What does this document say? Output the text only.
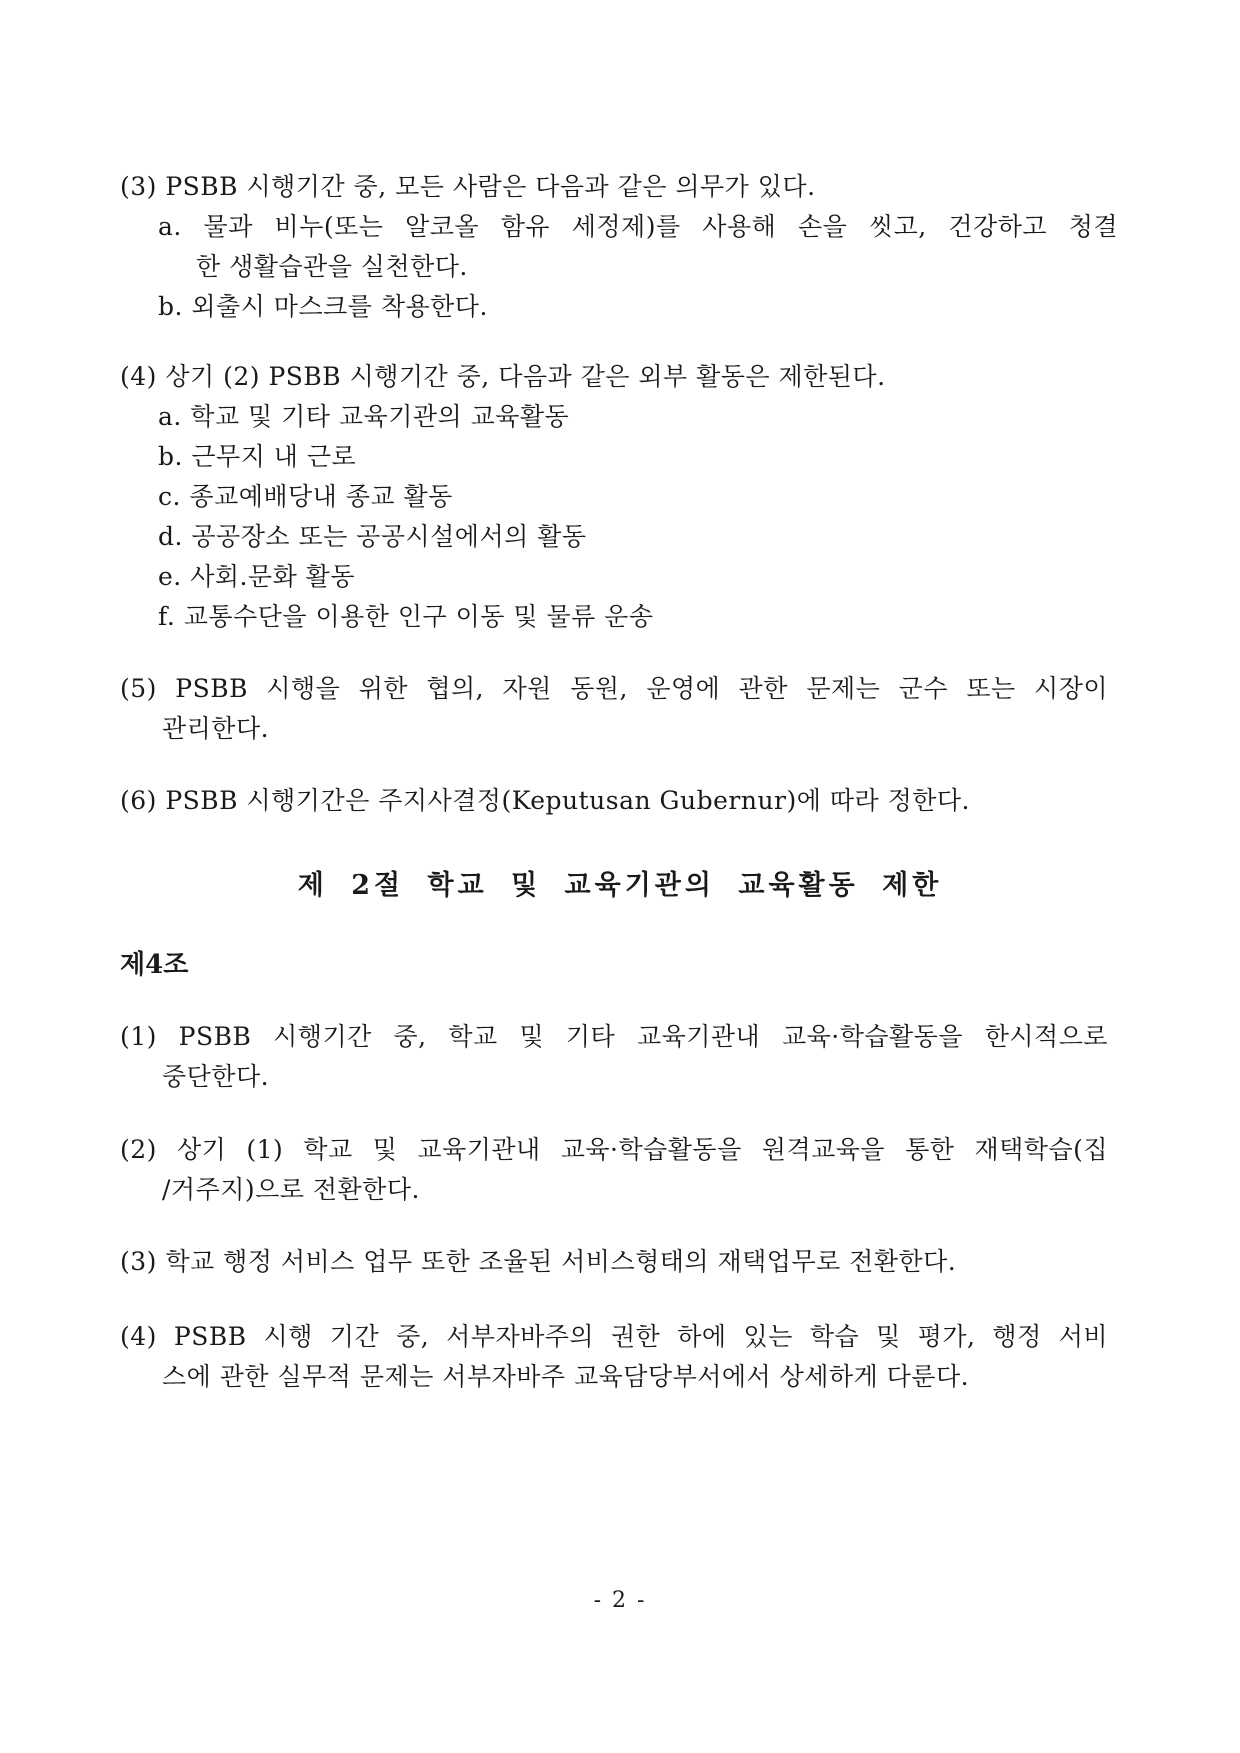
(3) PSBB 시행기간 중, 모든 사람은 다음과 같은 의무가 있다.
a. 물과 비누(또는 알코올 함유 세정제)를 사용해 손을 씻고, 건강하고 청결
한 생활습관을 실천한다.
b. 외출시 마스크를 착용한다.
(4) 상기 (2) PSBB 시행기간 중, 다음과 같은 외부 활동은 제한된다.
a. 학교 및 기타 교육기관의 교육활동
b. 근무지 내 근로
c. 종교예배당내 종교 활동
d. 공공장소 또는 공공시설에서의 활동
e. 사회.문화 활동
f. 교통수단을 이용한 인구 이동 및 물류 운송
(5) PSBB 시행을 위한 협의, 자원 동원, 운영에 관한 문제는 군수 또는 시장이
관리한다.
(6) PSBB 시행기간은 주지사결정(Keputusan Gubernur)에 따라 정한다.
제 2절 학교 및 교육기관의 교육활동 제한
제4조
(1) PSBB 시행기간 중, 학교 및 기타 교육기관내 교육·학습활동을 한시적으로
중단한다.
(2) 상기 (1) 학교 및 교육기관내 교육·학습활동을 원격교육을 통한 재택학습(집
/거주지)으로 전환한다.
(3) 학교 행정 서비스 업무 또한 조율된 서비스형태의 재택업무로 전환한다.
(4) PSBB 시행 기간 중, 서부자바주의 권한 하에 있는 학습 및 평가, 행정 서비
스에 관한 실무적 문제는 서부자바주 교육담당부서에서 상세하게 다룬다.
- 2 -
